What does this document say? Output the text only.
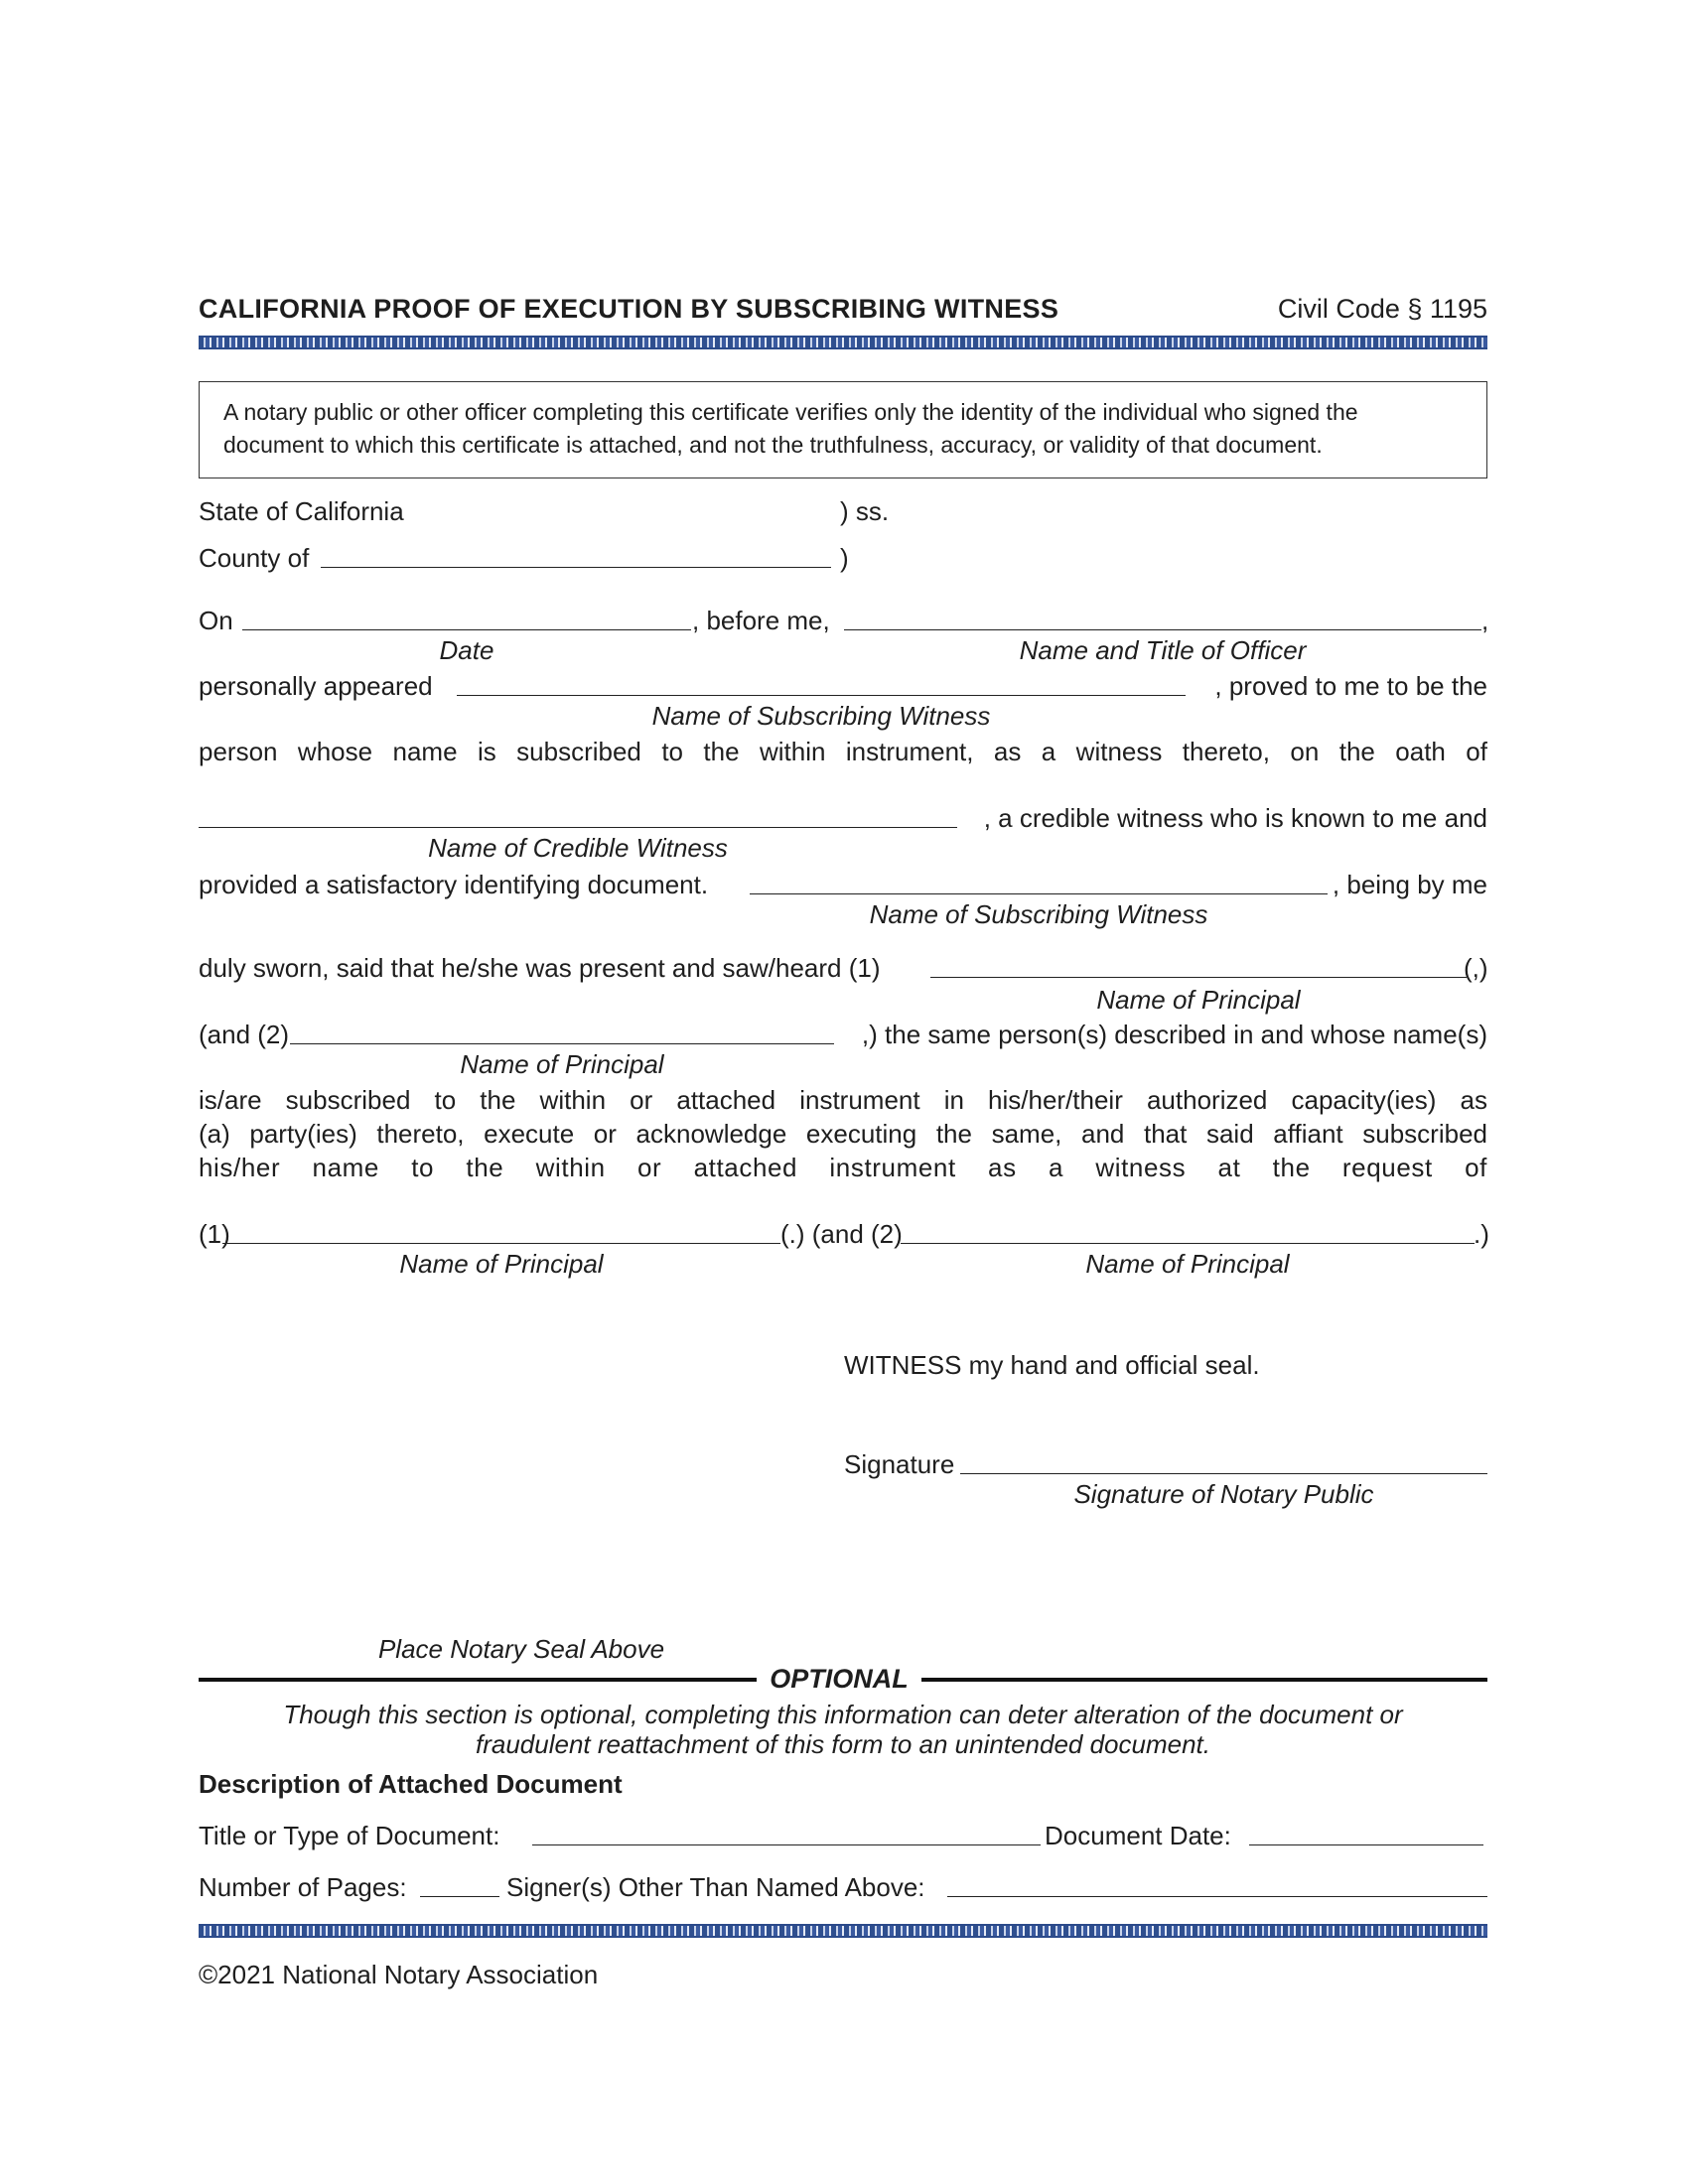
CALIFORNIA PROOF OF EXECUTION BY SUBSCRIBING WITNESS	Civil Code § 1195
A notary public or other officer completing this certificate verifies only the identity of the individual who signed the document to which this certificate is attached, and not the truthfulness, accuracy, or validity of that document.
State of California	) ss.
County of	)
On	, before me,	,
Date	Name and Title of Officer
personally appeared	, proved to me to be the
Name of Subscribing Witness
person whose name is subscribed to the within instrument, as a witness thereto, on the oath of
, a credible witness who is known to me and
Name of Credible Witness
provided a satisfactory identifying document.	, being by me
Name of Subscribing Witness
duly sworn, said that he/she was present and saw/heard (1)	(,)
Name of Principal
(and (2)	,) the same person(s) described in and whose name(s)
Name of Principal
is/are subscribed to the within or attached instrument in his/her/their authorized capacity(ies) as
(a) party(ies) thereto, execute or acknowledge executing the same, and that said affiant subscribed
his/her name to the within or attached instrument as a witness at the request of
(1)	(.) (and (2)	.)
Name of Principal	Name of Principal
WITNESS my hand and official seal.
Signature
Signature of Notary Public
Place Notary Seal Above
OPTIONAL
Though this section is optional, completing this information can deter alteration of the document or
fraudulent reattachment of this form to an unintended document.
Description of Attached Document
Title or Type of Document:	Document Date:
Number of Pages:	Signer(s) Other Than Named Above:
©2021 National Notary Association
